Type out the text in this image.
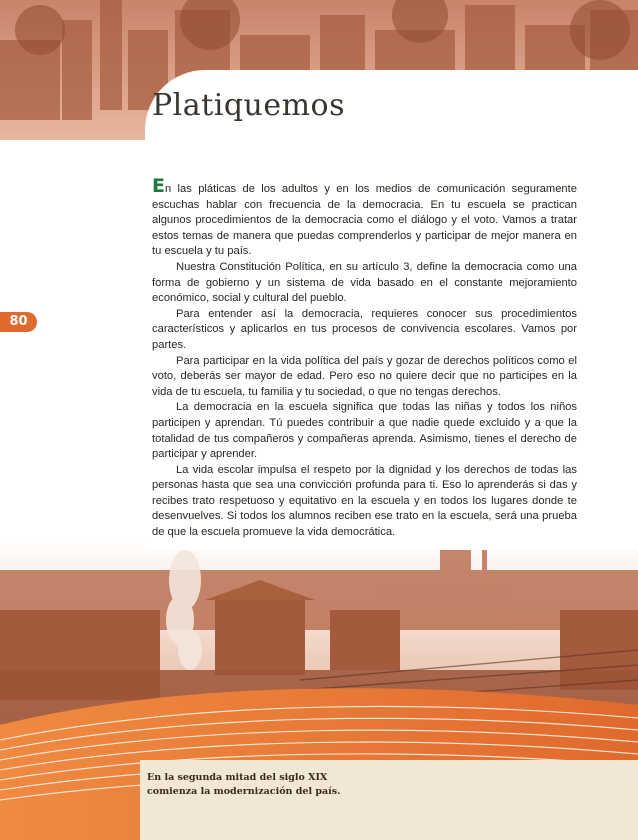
Platiquemos
80

En las pláticas de los adultos y en los medios de comunicación seguramente escuchas hablar con frecuencia de la democracia. En tu escuela se practican algunos procedimientos de la democracia como el diálogo y el voto. Vamos a tratar estos temas de manera que puedas comprenderlos y participar de mejor manera en tu escuela y tu país.

Nuestra Constitución Política, en su artículo 3, define la democracia como una forma de gobierno y un sistema de vida basado en el constante mejoramiento económico, social y cultural del pueblo.

Para entender así la democracia, requieres conocer sus procedimientos característicos y aplicarlos en tus procesos de convivencia escolares. Vamos por partes.

Para participar en la vida política del país y gozar de derechos políticos como el voto, deberás ser mayor de edad. Pero eso no quiere decir que no participes en la vida de tu escuela, tu familia y tu sociedad, o que no tengas derechos.

La democracia en la escuela significa que todas las niñas y todos los niños participen y aprendan. Tú puedes contribuir a que nadie quede excluido y a que la totalidad de tus compañeros y compañeras aprenda. Asimismo, tienes el derecho de participar y aprender.

La vida escolar impulsa el respeto por la dignidad y los derechos de todas las personas hasta que sea una convicción profunda para ti. Eso lo aprenderás si das y recibes trato respetuoso y equitativo en la escuela y en todos los lugares donde te desenvuelves. Si todos los alumnos reciben ese trato en la escuela, será una prueba de que la escuela promueve la vida democrática.

En la segunda mitad del siglo XIX
comienza la modernización del país.
